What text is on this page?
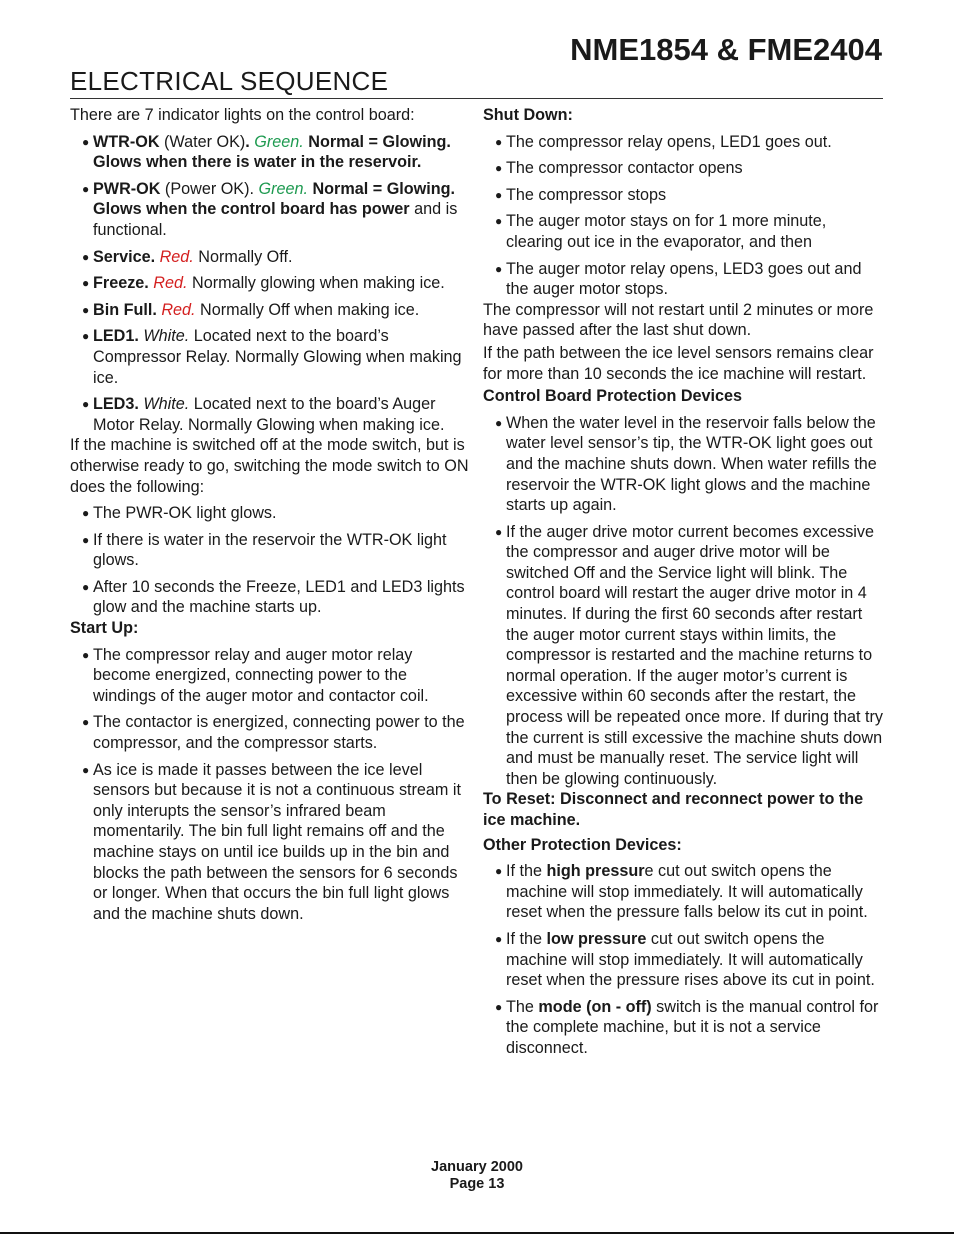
NME1854 & FME2404
ELECTRICAL SEQUENCE

There are 7 indicator lights on the control board:

● WTR-OK (Water OK). Green. Normal = Glowing. Glows when there is water in the reservoir.
● PWR-OK (Power OK). Green. Normal = Glowing. Glows when the control board has power and is functional.
● Service. Red. Normally Off.
● Freeze. Red. Normally glowing when making ice.
● Bin Full. Red. Normally Off when making ice.
● LED1. White. Located next to the board’s Compressor Relay. Normally Glowing when making ice.
● LED3. White. Located next to the board’s Auger Motor Relay. Normally Glowing when making ice.

If the machine is switched off at the mode switch, but is otherwise ready to go, switching the mode switch to ON does the following:

● The PWR-OK light glows.
● If there is water in the reservoir the WTR-OK light glows.
● After 10 seconds the Freeze, LED1 and LED3 lights glow and the machine starts up.

Start Up:

● The compressor relay and auger motor relay become energized, connecting power to the windings of the auger motor and contactor coil.
● The contactor is energized, connecting power to the compressor, and the compressor starts.
● As ice is made it passes between the ice level sensors but because it is not a continuous stream it only interupts the sensor’s infrared beam momentarily. The bin full light remains off and the machine stays on until ice builds up in the bin and blocks the path between the sensors for 6 seconds or longer. When that occurs the bin full light glows and the machine shuts down.

Shut Down:

● The compressor relay opens, LED1 goes out.
● The compressor contactor opens
● The compressor stops
● The auger motor stays on for 1 more minute, clearing out ice in the evaporator, and then
● The auger motor relay opens, LED3 goes out and the auger motor stops.

The compressor will not restart until 2 minutes or more have passed after the last shut down.

If the path between the ice level sensors remains clear for more than 10 seconds the ice machine will restart.

Control Board Protection Devices

● When the water level in the reservoir falls below the water level sensor’s tip, the WTR-OK light goes out and the machine shuts down. When water refills the reservoir the WTR-OK light glows and the machine starts up again.
● If the auger drive motor current becomes excessive the compressor and auger drive motor will be switched Off and the Service light will blink. The control board will restart the auger drive motor in 4 minutes. If during the first 60 seconds after restart the auger motor current stays within limits, the compressor is restarted and the machine returns to normal operation. If the auger motor’s current is excessive within 60 seconds after the restart, the process will be repeated once more. If during that try the current is still excessive the machine shuts down and must be manually reset. The service light will then be glowing continuously.

To Reset: Disconnect and reconnect power to the ice machine.

Other Protection Devices:

● If the high pressure cut out switch opens the machine will stop immediately. It will automatically reset when the pressure falls below its cut in point.
● If the low pressure cut out switch opens the machine will stop immediately. It will automatically reset when the pressure rises above its cut in point.
● The mode (on - off) switch is the manual control for the complete machine, but it is not a service disconnect.
January 2000
Page 13
